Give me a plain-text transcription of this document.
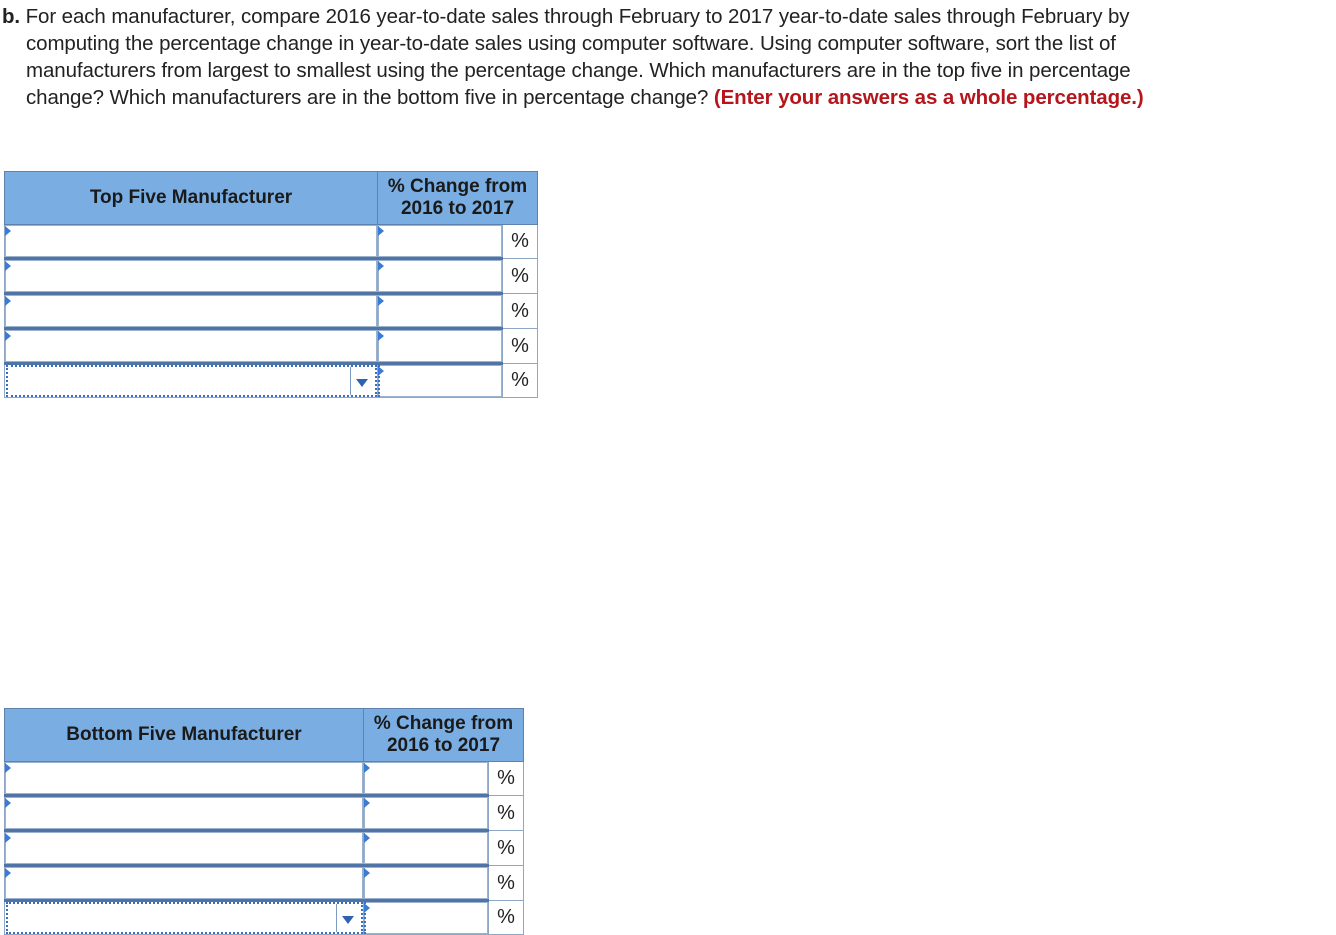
b. For each manufacturer, compare 2016 year-to-date sales through February to 2017 year-to-date sales through February by
computing the percentage change in year-to-date sales using computer software. Using computer software, sort the list of
manufacturers from largest to smallest using the percentage change. Which manufacturers are in the top five in percentage
change? Which manufacturers are in the bottom five in percentage change? (Enter your answers as a whole percentage.)
Top Five Manufacturer	% Change from
2016 to 2017	

	%

	%

	%

	%

	%
Bottom Five Manufacturer	% Change from
2016 to 2017	

	%

	%

	%

	%

	%
